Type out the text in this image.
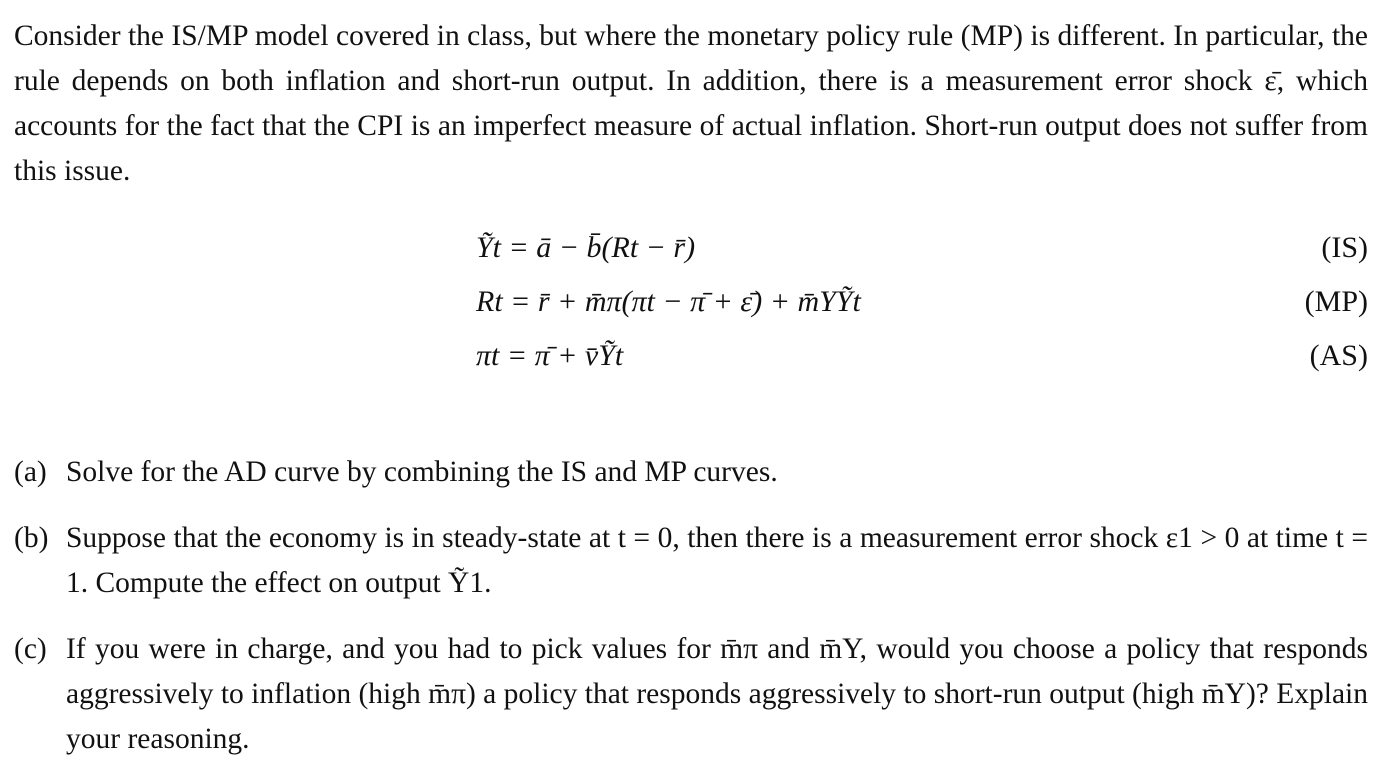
Consider the IS/MP model covered in class, but where the monetary policy rule (MP) is different. In particular, the rule depends on both inflation and short-run output. In addition, there is a measurement error shock ε̄, which accounts for the fact that the CPI is an imperfect measure of actual inflation. Short-run output does not suffer from this issue.

Ỹt = ā − b̄(Rt − r̄)	(IS)
Rt = r̄ + m̄π(πt − π̄ + ε̄) + m̄YỸt	(MP)
πt = π̄ + v̄Ỹt	(AS)
(a) Solve for the AD curve by combining the IS and MP curves.
(b) Suppose that the economy is in steady-state at t = 0, then there is a measurement error shock ε1 > 0 at time t = 1. Compute the effect on output Ỹ1.
(c) If you were in charge, and you had to pick values for m̄π and m̄Y, would you choose a policy that responds aggressively to inflation (high m̄π) a policy that responds aggressively to short-run output (high m̄Y)? Explain your reasoning.
